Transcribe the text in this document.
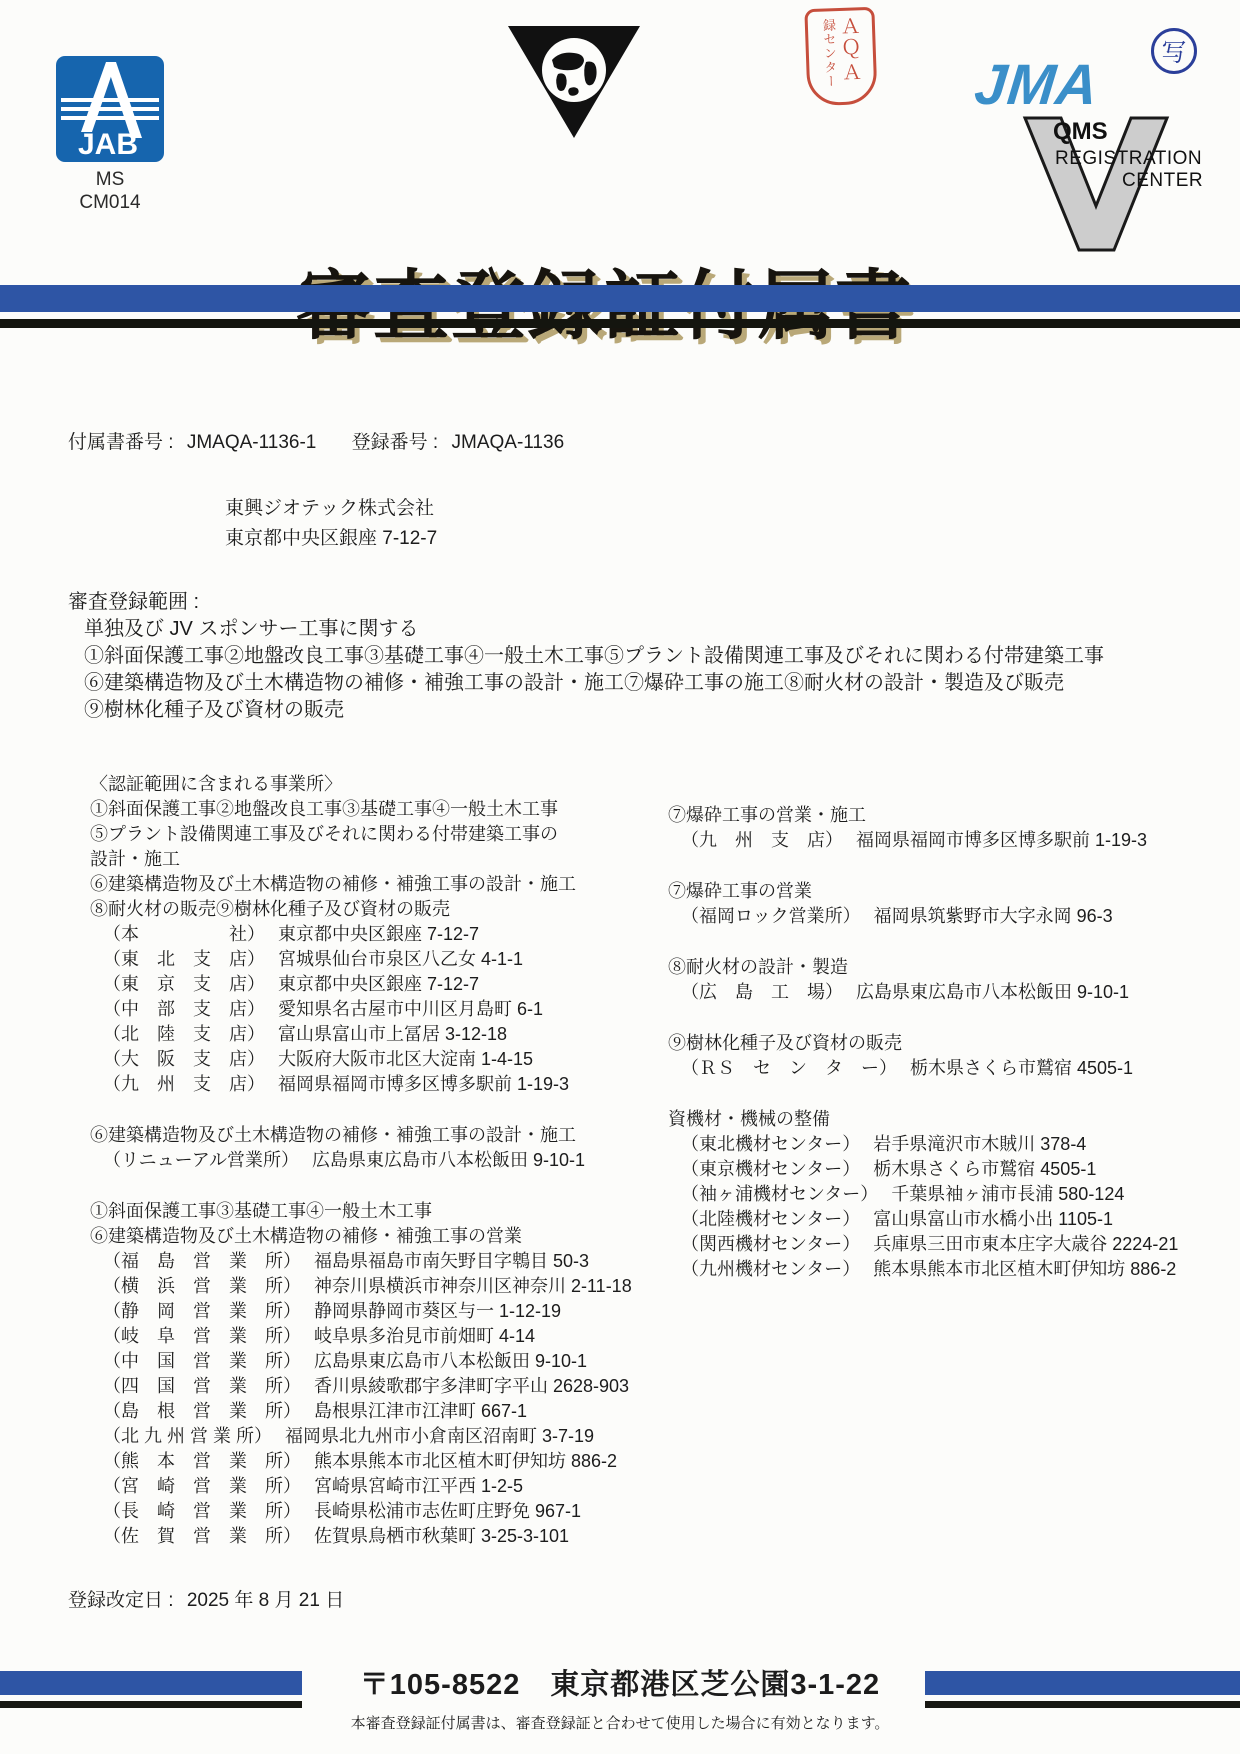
JAB
MS
CM014
録センター
ＡＱＡ JMA
QMS
REGISTRATION
CENTER
写
付属書番号 : JMAQA-1136-1 登録番号 : JMAQA-1136
東興ジオテック株式会社
東京都中央区銀座 7-12-7
審査登録範囲 :
単独及び JV スポンサー工事に関する
①斜面保護工事②地盤改良工事③基礎工事④一般土木工事⑤プラント設備関連工事及びそれに関わる付帯建築工事
⑥建築構造物及び土木構造物の補修・補強工事の設計・施工⑦爆砕工事の施工⑧耐火材の設計・製造及び販売
⑨樹林化種子及び資材の販売
〈認証範囲に含まれる事業所〉
①斜面保護工事②地盤改良工事③基礎工事④一般土木工事
⑤プラント設備関連工事及びそれに関わる付帯建築工事の
設計・施工
⑥建築構造物及び土木構造物の補修・補強工事の設計・施工
⑧耐火材の販売⑨樹林化種子及び資材の販売
（本　　　　　社） 東京都中央区銀座 7-12-7
（東　北　支　店） 宮城県仙台市泉区八乙女 4-1-1
（東　京　支　店） 東京都中央区銀座 7-12-7
（中　部　支　店） 愛知県名古屋市中川区月島町 6-1
（北　陸　支　店） 富山県富山市上冨居 3-12-18
（大　阪　支　店） 大阪府大阪市北区大淀南 1-4-15
（九　州　支　店） 福岡県福岡市博多区博多駅前 1-19-3
⑥建築構造物及び土木構造物の補修・補強工事の設計・施工
（リニューアル営業所） 広島県東広島市八本松飯田 9-10-1
①斜面保護工事③基礎工事④一般土木工事
⑥建築構造物及び土木構造物の補修・補強工事の営業
（福　島　営　業　所） 福島県福島市南矢野目字鵯目 50-3
（横　浜　営　業　所） 神奈川県横浜市神奈川区神奈川 2-11-18
（静　岡　営　業　所） 静岡県静岡市葵区与一 1-12-19
（岐　阜　営　業　所） 岐阜県多治見市前畑町 4-14
（中　国　営　業　所） 広島県東広島市八本松飯田 9-10-1
（四　国　営　業　所） 香川県綾歌郡宇多津町字平山 2628-903
（島　根　営　業　所） 島根県江津市江津町 667-1
（北 九 州 営 業 所） 福岡県北九州市小倉南区沼南町 3-7-19
（熊　本　営　業　所） 熊本県熊本市北区植木町伊知坊 886-2
（宮　崎　営　業　所） 宮崎県宮崎市江平西 1-2-5
（長　崎　営　業　所） 長崎県松浦市志佐町庄野免 967-1
（佐　賀　営　業　所） 佐賀県鳥栖市秋葉町 3-25-3-101
⑦爆砕工事の営業・施工
（九　州　支　店） 福岡県福岡市博多区博多駅前 1-19-3
⑦爆砕工事の営業
（福岡ロック営業所） 福岡県筑紫野市大字永岡 96-3
⑧耐火材の設計・製造
（広　島　工　場） 広島県東広島市八本松飯田 9-10-1
⑨樹林化種子及び資材の販売
（ＲＳ　セ　ン　タ　ー） 栃木県さくら市鷲宿 4505-1
資機材・機械の整備
（東北機材センター） 岩手県滝沢市木賊川 378-4
（東京機材センター） 栃木県さくら市鷲宿 4505-1
（袖ヶ浦機材センター） 千葉県袖ヶ浦市長浦 580-124
（北陸機材センター） 富山県富山市水橋小出 1105-1
（関西機材センター） 兵庫県三田市東本庄字大歳谷 2224-21
（九州機材センター） 熊本県熊本市北区植木町伊知坊 886-2
登録改定日 : 2025 年 8 月 21 日
〒105-8522　東京都港区芝公園3-1-22
本審査登録証付属書は、審査登録証と合わせて使用した場合に有効となります。
